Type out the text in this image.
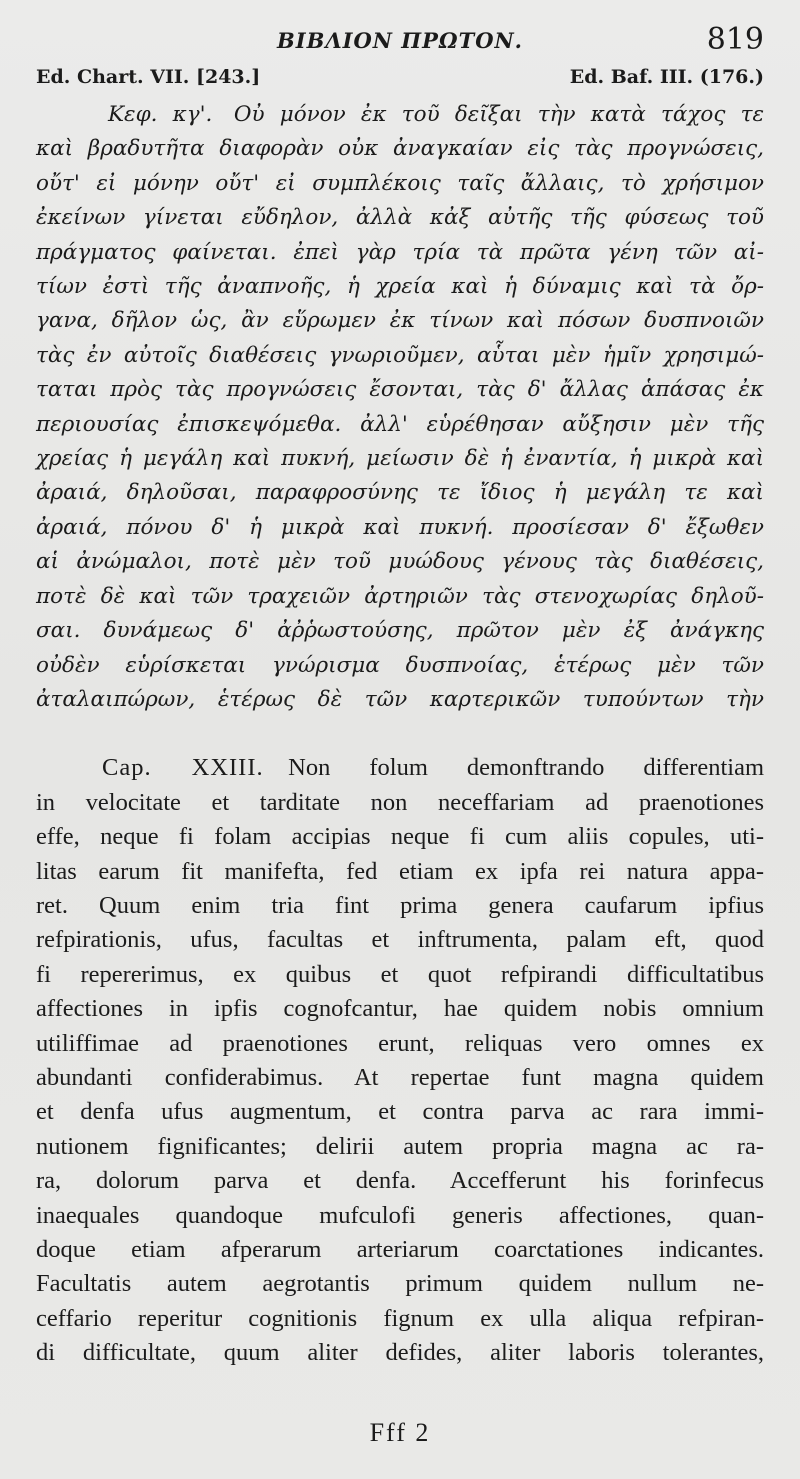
ΒΙΒΛΙΟΝ ΠΡΩΤΟΝ.	819
Ed. Chart. VII. [243.]	Ed. Baf. III. (176.)
Κεφ. κγ'.  Οὐ μόνον ἐκ τοῦ δεῖξαι τὴν κατὰ τάχος τε
καὶ βραδυτῆτα διαφορὰν οὐκ ἀναγκαίαν εἰς τὰς προγνώσεις,
οὔτ' εἰ μόνην οὔτ' εἰ συμπλέκοις ταῖς ἄλλαις, τὸ χρήσιμον
ἐκείνων γίνεται εὔδηλον, ἀλλὰ κἀξ αὐτῆς τῆς φύσεως τοῦ
πράγματος φαίνεται. ἐπεὶ γὰρ τρία τὰ πρῶτα γένη τῶν αἰ-
τίων ἐστὶ τῆς ἀναπνοῆς, ἡ χρεία καὶ ἡ δύναμις καὶ τὰ ὄρ-
γανα, δῆλον ὡς, ἂν εὕρωμεν ἐκ τίνων καὶ πόσων δυσπνοιῶν
τὰς ἐν αὐτοῖς διαθέσεις γνωριοῦμεν, αὗται μὲν ἡμῖν χρησιμώ-
ταται πρὸς τὰς προγνώσεις ἔσονται, τὰς δ' ἄλλας ἁπάσας ἐκ
περιουσίας ἐπισκεψόμεθα. ἀλλ' εὑρέθησαν αὔξησιν μὲν τῆς
χρείας ἡ μεγάλη καὶ πυκνή, μείωσιν δὲ ἡ ἐναντία, ἡ μικρὰ καὶ
ἀραιά, δηλοῦσαι, παραφροσύνης τε ἴδιος ἡ μεγάλη τε καὶ
ἀραιά, πόνου δ' ἡ μικρὰ καὶ πυκνή. προσίεσαν δ' ἔξωθεν
αἱ ἀνώμαλοι, ποτὲ μὲν τοῦ μυώδους γένους τὰς διαθέσεις,
ποτὲ δὲ καὶ τῶν τραχειῶν ἀρτηριῶν τὰς στενοχωρίας δηλοῦ-
σαι. δυνάμεως δ' ἀῤῥωστούσης, πρῶτον μὲν ἐξ ἀνάγκης
οὐδὲν εὑρίσκεται γνώρισμα δυσπνοίας, ἑτέρως μὲν τῶν
ἀταλαιπώρων, ἑτέρως δὲ τῶν καρτερικῶν τυπούντων τὴν
Cap. XXIII.  Non folum demonftrando differentiam
in velocitate et tarditate non neceffariam ad praenotiones
effe, neque fi folam accipias neque fi cum aliis copules, uti-
litas earum fit manifefta, fed etiam ex ipfa rei natura appa-
ret. Quum enim tria fint prima genera caufarum ipfius
refpirationis, ufus, facultas et inftrumenta, palam eft, quod
fi repererimus, ex quibus et quot refpirandi difficultatibus
affectiones in ipfis cognofcantur, hae quidem nobis omnium
utiliffimae ad praenotiones erunt, reliquas vero omnes ex
abundanti confiderabimus. At repertae funt magna quidem
et denfa ufus augmentum, et contra parva ac rara immi-
nutionem fignificantes; delirii autem propria magna ac ra-
ra, dolorum parva et denfa. Accefferunt his forinfecus
inaequales quandoque mufculofi generis affectiones, quan-
doque etiam afperarum arteriarum coarctationes indicantes.
Facultatis autem aegrotantis primum quidem nullum ne-
ceffario reperitur cognitionis fignum ex ulla aliqua refpiran-
di difficultate, quum aliter defides, aliter laboris tolerantes,
Fff 2
